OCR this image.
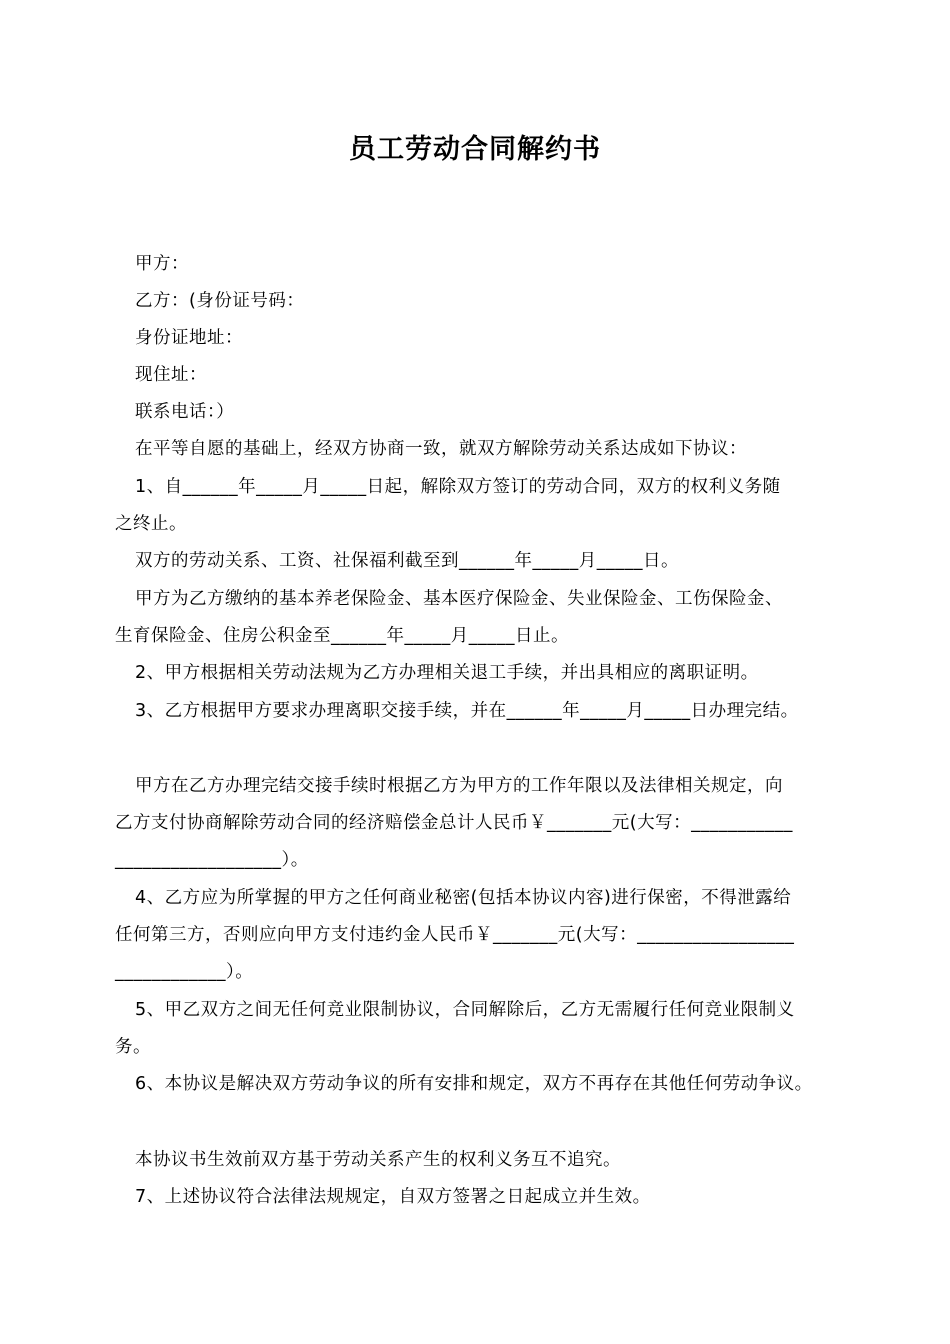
员工劳动合同解约书
甲方：
乙方：(身份证号码：
身份证地址：
现住址：
联系电话：）
在平等自愿的基础上，经双方协商一致，就双方解除劳动关系达成如下协议：
1、自______年_____月_____日起，解除双方签订的劳动合同，双方的权利义务随
之终止。
双方的劳动关系、工资、社保福利截至到______年_____月_____日。
甲方为乙方缴纳的基本养老保险金、基本医疗保险金、失业保险金、工伤保险金、
生育保险金、住房公积金至______年_____月_____日止。
2、甲方根据相关劳动法规为乙方办理相关退工手续，并出具相应的离职证明。
3、乙方根据甲方要求办理离职交接手续，并在______年_____月_____日办理完结。
甲方在乙方办理完结交接手续时根据乙方为甲方的工作年限以及法律相关规定，向
乙方支付协商解除劳动合同的经济赔偿金总计人民币￥_______元(大写：___________
__________________）。
4、乙方应为所掌握的甲方之任何商业秘密(包括本协议内容)进行保密，不得泄露给
任何第三方，否则应向甲方支付违约金人民币￥_______元(大写：_________________
____________）。
5、甲乙双方之间无任何竞业限制协议，合同解除后，乙方无需履行任何竞业限制义
务。
6、本协议是解决双方劳动争议的所有安排和规定，双方不再存在其他任何劳动争议。
本协议书生效前双方基于劳动关系产生的权利义务互不追究。
7、上述协议符合法律法规规定，自双方签署之日起成立并生效。
